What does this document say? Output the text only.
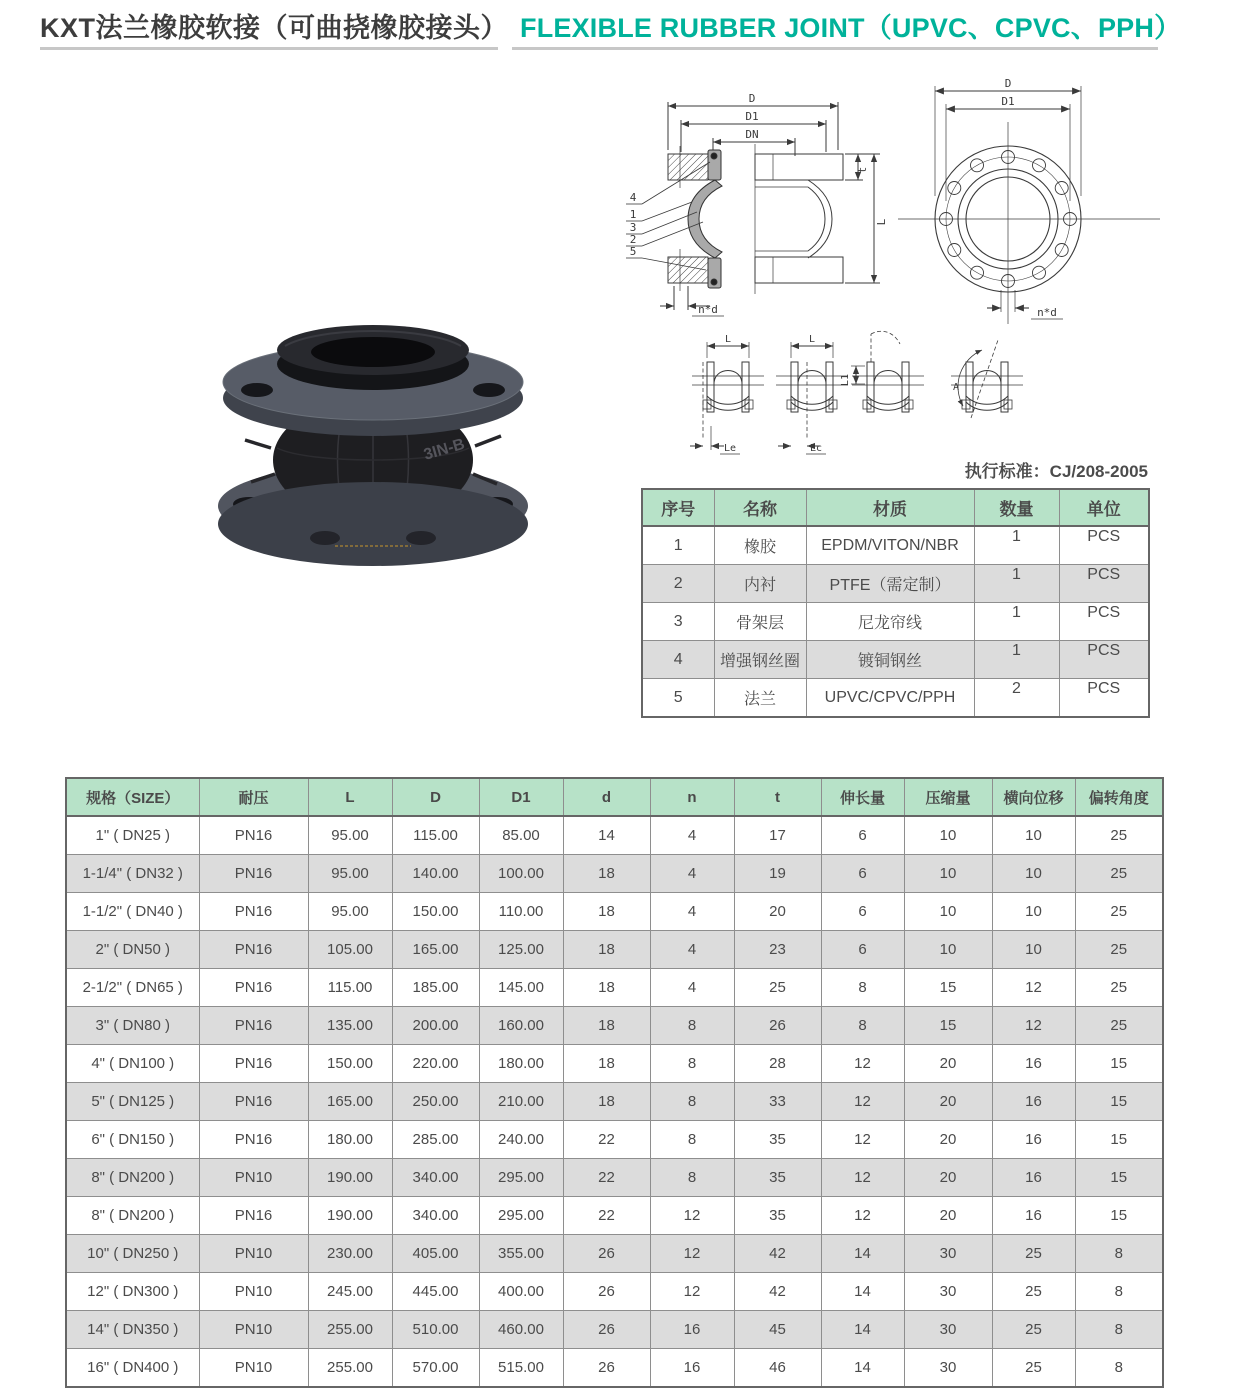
KXT法兰橡胶软接（可曲挠橡胶接头） FLEXIBLE RUBBER JOINT（UPVC、CPVC、PPH）
3IN-B
D
D1
DN
t
L
n*d
4
1
3
2
5
D
D1
n*d
L	L
Le	Lc
L1
A
执行标准：CJ/208-2005
序号	名称	材质	数量	单位
1	橡胶	EPDM/VITON/NBR	1	PCS
2	内衬	PTFE（需定制）	1	PCS
3	骨架层	尼龙帘线	1	PCS
4	增强钢丝圈	镀铜钢丝	1	PCS
5	法兰	UPVC/CPVC/PPH	2	PCS
规格（SIZE）	耐压	L	D	D1	d	n	t	伸长量	压缩量	横向位移	偏转角度
1" ( DN25 )	PN16	95.00	115.00	85.00	14	4	17	6	10	10	25
1-1/4" ( DN32 )	PN16	95.00	140.00	100.00	18	4	19	6	10	10	25
1-1/2" ( DN40 )	PN16	95.00	150.00	110.00	18	4	20	6	10	10	25
2" ( DN50 )	PN16	105.00	165.00	125.00	18	4	23	6	10	10	25
2-1/2" ( DN65 )	PN16	115.00	185.00	145.00	18	4	25	8	15	12	25
3" ( DN80 )	PN16	135.00	200.00	160.00	18	8	26	8	15	12	25
4" ( DN100 )	PN16	150.00	220.00	180.00	18	8	28	12	20	16	15
5" ( DN125 )	PN16	165.00	250.00	210.00	18	8	33	12	20	16	15
6" ( DN150 )	PN16	180.00	285.00	240.00	22	8	35	12	20	16	15
8" ( DN200 )	PN10	190.00	340.00	295.00	22	8	35	12	20	16	15
8" ( DN200 )	PN16	190.00	340.00	295.00	22	12	35	12	20	16	15
10" ( DN250 )	PN10	230.00	405.00	355.00	26	12	42	14	30	25	8
12" ( DN300 )	PN10	245.00	445.00	400.00	26	12	42	14	30	25	8
14" ( DN350 )	PN10	255.00	510.00	460.00	26	16	45	14	30	25	8
16" ( DN400 )	PN10	255.00	570.00	515.00	26	16	46	14	30	25	8
